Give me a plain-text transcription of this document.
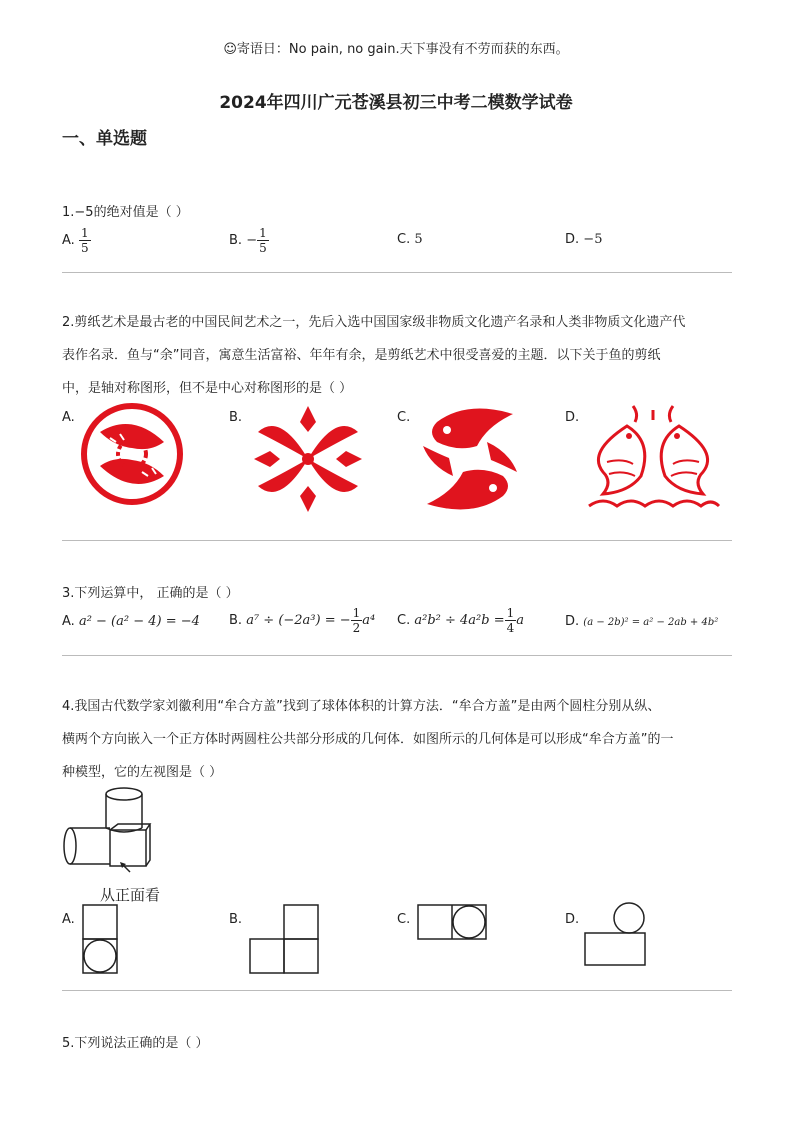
☺寄语日：No pain, no gain.天下事没有不劳而获的东西。
2024年四川广元苍溪县初三中考二模数学试卷
一、单选题
1.−5的绝对值是（ ）
A. $\frac{1}{5}$	B. − $\frac{1}{5}$	C. 5	D. −5
2.剪纸艺术是最古老的中国民间艺术之一，先后入选中国国家级非物质文化遗产名录和人类非物质文化遗产代
表作名录．鱼与“余”同音，寓意生活富裕、年年有余，是剪纸艺术中很受喜爱的主题．以下关于鱼的剪纸
中，是轴对称图形，但不是中心对称图形的是（ ）
A.	B.	C.	D.
3.下列运算中， 正确的是（ ）
A. a² − (a² − 4) = −4 B. a⁷ ÷ (−2a³) = − $\frac{1}{2} a^4$ C. $a^2b^2 \div 4a^2b = \frac{1}{4}$ a	D. (a − 2b)² = a² − 2ab + 4b²
4.我国古代数学家刘徽利用“牟合方盖”找到了球体体积的计算方法．“牟合方盖”是由两个圆柱分别从纵、
横两个方向嵌入一个正方体时两圆柱公共部分形成的几何体．如图所示的几何体是可以形成“牟合方盖”的一
种模型，它的左视图是（ ）
从正面看
A.	B.	C.	D.
5.下列说法正确的是（ ）
